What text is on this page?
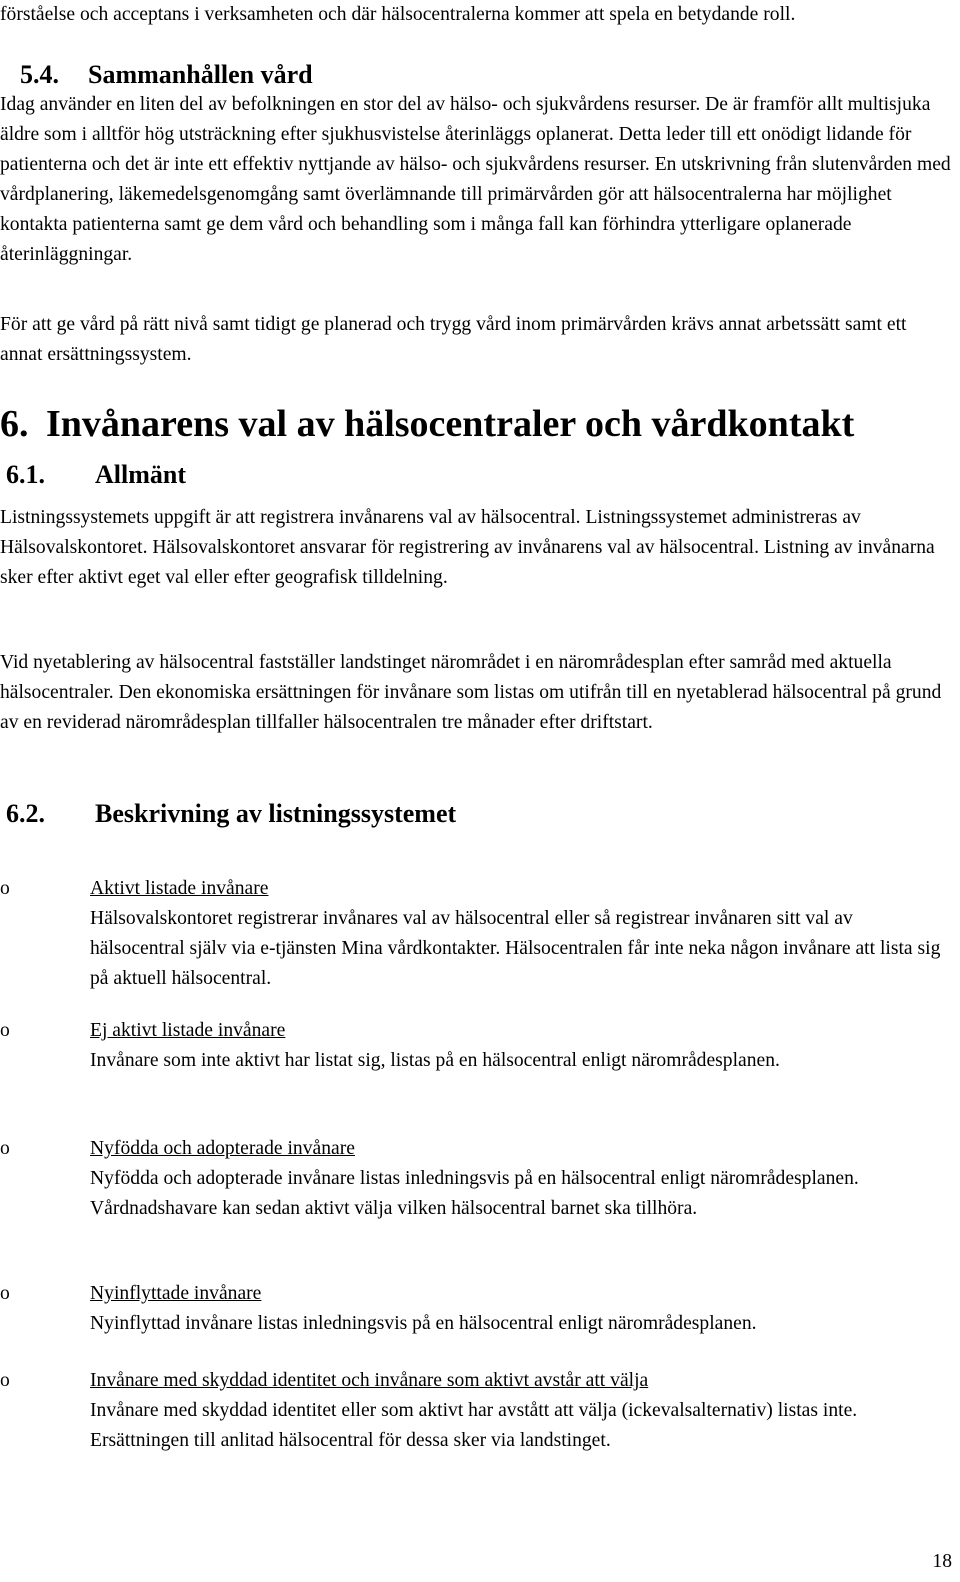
förståelse och acceptans i verksamheten och där hälsocentralerna kommer att spela en betydande roll.

5.4. Sammanhållen vård

Idag använder en liten del av befolkningen en stor del av hälso- och sjukvårdens resurser. De är framför allt multisjuka äldre som i alltför hög utsträckning efter sjukhusvistelse återinläggs oplanerat. Detta leder till ett onödigt lidande för patienterna och det är inte ett effektiv nyttjande av hälso- och sjukvårdens resurser. En utskrivning från slutenvården med vårdplanering, läkemedelsgenomgång samt överlämnande till primärvården gör att hälsocentralerna har möjlighet kontakta patienterna samt ge dem vård och behandling som i många fall kan förhindra ytterligare oplanerade återinläggningar.

För att ge vård på rätt nivå samt tidigt ge planerad och trygg vård inom primärvården krävs annat arbetssätt samt ett annat ersättningssystem.

6. Invånarens val av hälsocentraler och vårdkontakt
6.1. Allmänt

Listningssystemets uppgift är att registrera invånarens val av hälsocentral. Listningssystemet administreras av Hälsovalskontoret. Hälsovalskontoret ansvarar för registrering av invånarens val av hälsocentral. Listning av invånarna sker efter aktivt eget val eller efter geografisk tilldelning.

Vid nyetablering av hälsocentral fastställer landstinget närområdet i en närområdesplan efter samråd med aktuella hälsocentraler. Den ekonomiska ersättningen för invånare som listas om utifrån till en nyetablerad hälsocentral på grund av en reviderad närområdesplan tillfaller hälsocentralen tre månader efter driftstart.

6.2. Beskrivning av listningssystemet
o	Aktivt listade invånare
Hälsovalskontoret registrerar invånares val av hälsocentral eller så registrear invånaren sitt val av hälsocentral själv via e-tjänsten Mina vårdkontakter. Hälsocentralen får inte neka någon invånare att lista sig på aktuell hälsocentral.
o	Ej aktivt listade invånare
Invånare som inte aktivt har listat sig, listas på en hälsocentral enligt närområdesplanen.
o	Nyfödda och adopterade invånare
Nyfödda och adopterade invånare listas inledningsvis på en hälsocentral enligt närområdesplanen. Vårdnadshavare kan sedan aktivt välja vilken hälsocentral barnet ska tillhöra.
o	Nyinflyttade invånare
Nyinflyttad invånare listas inledningsvis på en hälsocentral enligt närområdesplanen.
o	Invånare med skyddad identitet och invånare som aktivt avstår att välja
Invånare med skyddad identitet eller som aktivt har avstått att välja (ickevalsalternativ) listas inte. Ersättningen till anlitad hälsocentral för dessa sker via landstinget.
18
